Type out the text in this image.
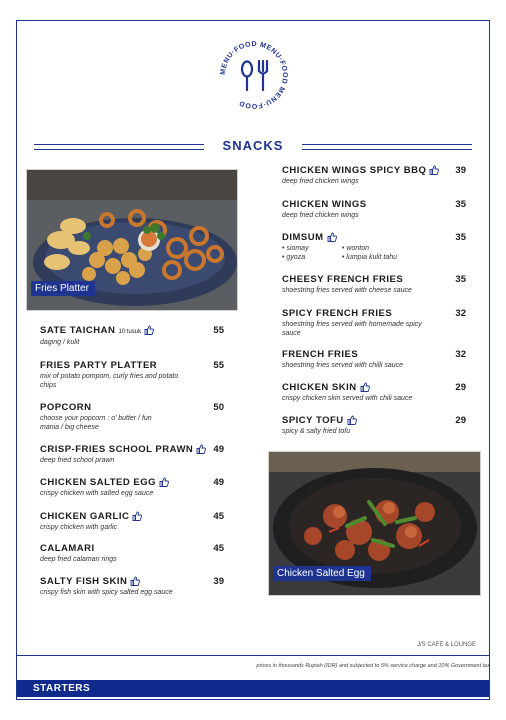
MENU·FOOD MENU·FOOD MENU·FOOD
SNACKS
Fries Platter
Chicken Salted Egg
SATE TAICHAN 10 tusuk
daging / kulit
55
FRIES PARTY PLATTER
mix of potato pompom, curly fries and potato chips
55
POPCORN
choose your popcorn : o’ butter / fun mania / big cheese
50
CRISP-FRIES SCHOOL PRAWN
deep fried school prawn
49
CHICKEN SALTED EGG
crispy chicken with salted egg sauce
49
CHICKEN GARLIC
crispy chicken with garlic
45
CALAMARI
deep fried calamari rings
45
SALTY FISH SKIN
crispy fish skin with spicy salted egg sauce
39
CHICKEN WINGS SPICY BBQ
deep fried chicken wings
39
CHICKEN WINGS
deep fried chicken wings
35
DIMSUM
• siomay	• wonton
• gyoza	• lumpia kulit tahu
35
CHEESY FRENCH FRIES
shoestring fries served with cheese sauce
35
SPICY FRENCH FRIES
shoestring fries served with homemade spicy sauce
32
FRENCH FRIES
shoestring fries served with chilli sauce
32
CHICKEN SKIN
crispy chicken skin served with chili sauce
29
SPICY TOFU
spicy & salty fried tofu
29
J/S CAFE & LOUNGE
prices in thousands Rupiah (IDR) and subjected to 5% service charge and 10% Government tax
STARTERS
